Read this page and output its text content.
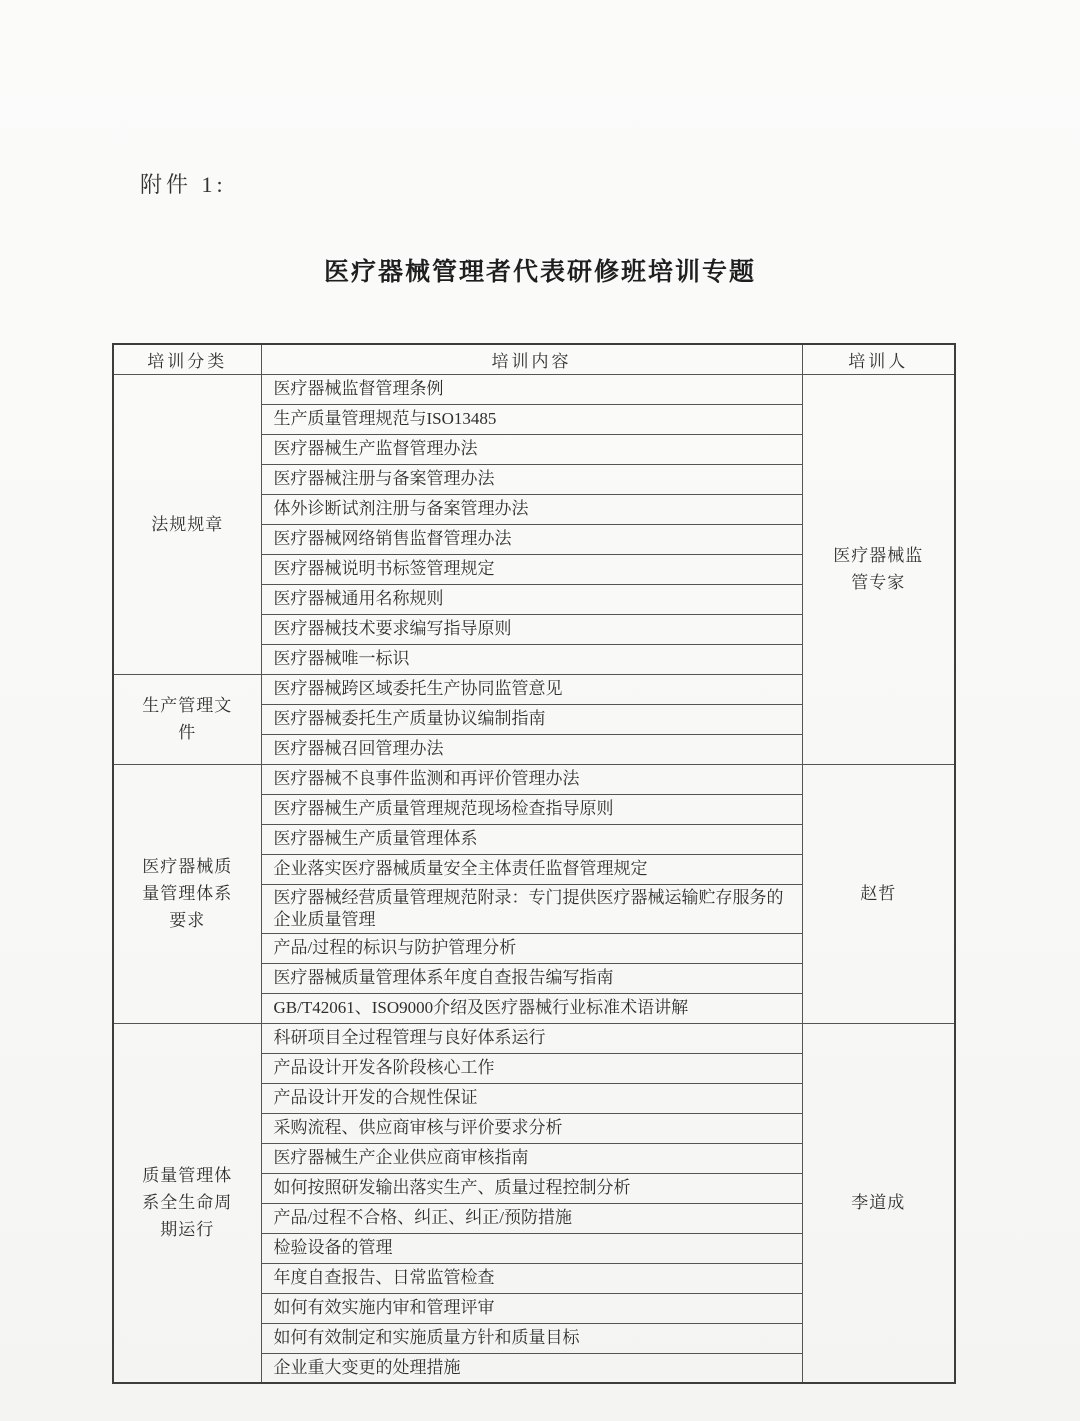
附件 1:
医疗器械管理者代表研修班培训专题
培训分类	培训内容	培训人
法规规章	医疗器械监督管理条例	医疗器械监管专家
	生产质量管理规范与ISO13485	
	医疗器械生产监督管理办法	
	医疗器械注册与备案管理办法	
	体外诊断试剂注册与备案管理办法	
	医疗器械网络销售监督管理办法	
	医疗器械说明书标签管理规定	
	医疗器械通用名称规则	
	医疗器械技术要求编写指导原则	
	医疗器械唯一标识	
生产管理文件	医疗器械跨区域委托生产协同监管意见	
	医疗器械委托生产质量协议编制指南	
	医疗器械召回管理办法	
医疗器械质量管理体系要求	医疗器械不良事件监测和再评价管理办法	赵哲
	医疗器械生产质量管理规范现场检查指导原则	
	医疗器械生产质量管理体系	
	企业落实医疗器械质量安全主体责任监督管理规定	
	医疗器械经营质量管理规范附录：专门提供医疗器械运输贮存服务的企业质量管理	
	产品/过程的标识与防护管理分析	
	医疗器械质量管理体系年度自查报告编写指南	
	GB/T42061、ISO9000介绍及医疗器械行业标准术语讲解	
质量管理体系全生命周期运行	科研项目全过程管理与良好体系运行	李道成
	产品设计开发各阶段核心工作	
	产品设计开发的合规性保证	
	采购流程、供应商审核与评价要求分析	
	医疗器械生产企业供应商审核指南	
	如何按照研发输出落实生产、质量过程控制分析	
	产品/过程不合格、纠正、纠正/预防措施	
	检验设备的管理	
	年度自查报告、日常监管检查	
	如何有效实施内审和管理评审	
	如何有效制定和实施质量方针和质量目标	
	企业重大变更的处理措施	
